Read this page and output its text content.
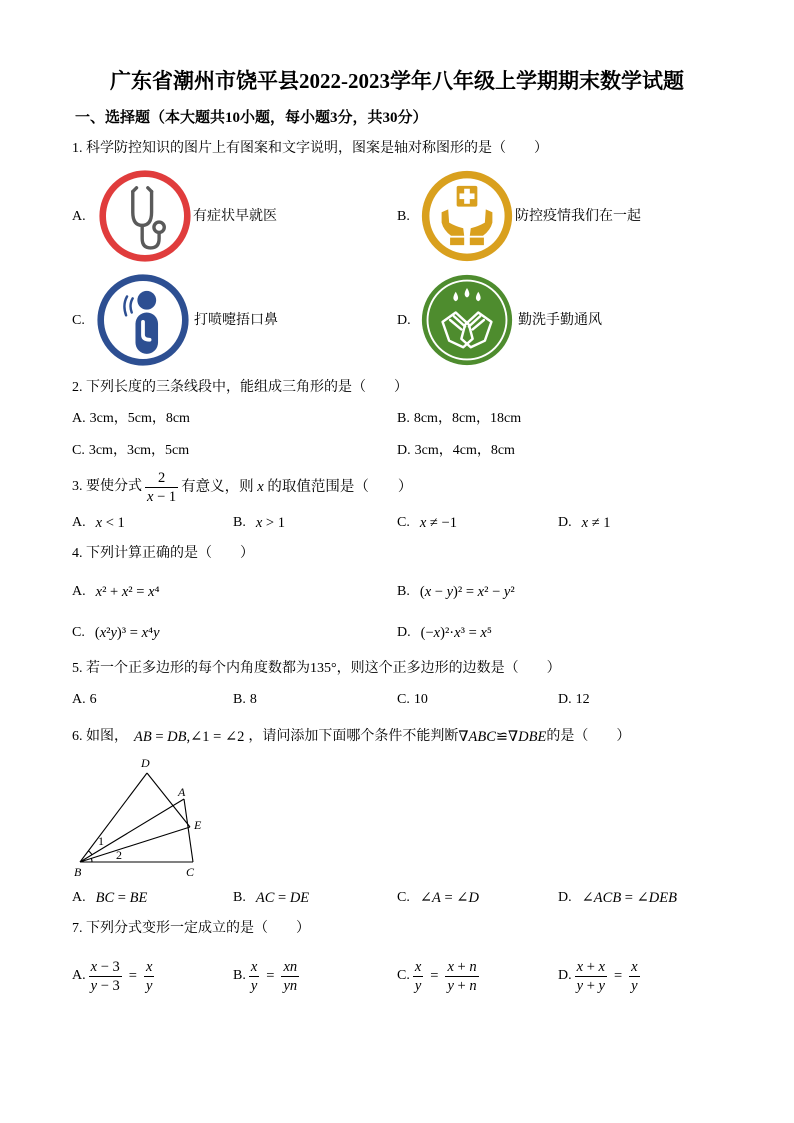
广东省潮州市饶平县2022-2023学年八年级上学期期末数学试题
一、选择题（本大题共10小题，每小题3分，共30分）
1. 科学防控知识的图片上有图案和文字说明，图案是轴对称图形的是（　　）
A.	有症状早就医	B.	防控疫情我们在一起
C.	打喷嚏捂口鼻	D.	勤洗手勤通风
2. 下列长度的三条线段中，能组成三角形的是（　　）
A. 3cm，5cm，8cm	B. 8cm，8cm，18cm
C. 3cm，3cm，5cm	D. 3cm，4cm，8cm
3. 要使分式 $\frac{2}{x - 1}$ 有意义，则 x 的取值范围是（　　 ）
A. x < 1	B. x > 1	C. x ≠ −1	D. x ≠ 1
4. 下列计算正确的是（　　）
A. x² + x² = x⁴	B. (x − y)² = x² − y²
C. (x²y)³ = x⁴y	D. (−x)²·x³ = x⁵
5. 若一个正多边形的每个内角度数都为135°，则这个正多边形的边数是（　　）
A. 6	B. 8	C. 10	D. 12
6. 如图， AB = DB,∠1 = ∠2 ，请问添加下面哪个条件不能判断 ∇ABC≌∇DBE 的是（　　）
D
A
E
B	C
1
2
A. BC = BE	B. AC = DE	C. ∠A = ∠D	D. ∠ACB = ∠DEB
7. 下列分式变形一定成立的是（　　）
A. $\frac{x - 3}{y - 3} = \frac{x}{y}$	B. $\frac{x}{y} = \frac{xn}{yn}$	C. $\frac{x}{y} = \frac{x + n}{y + n}$	D. $\frac{x + x}{y + y} = \frac{x}{y}$
